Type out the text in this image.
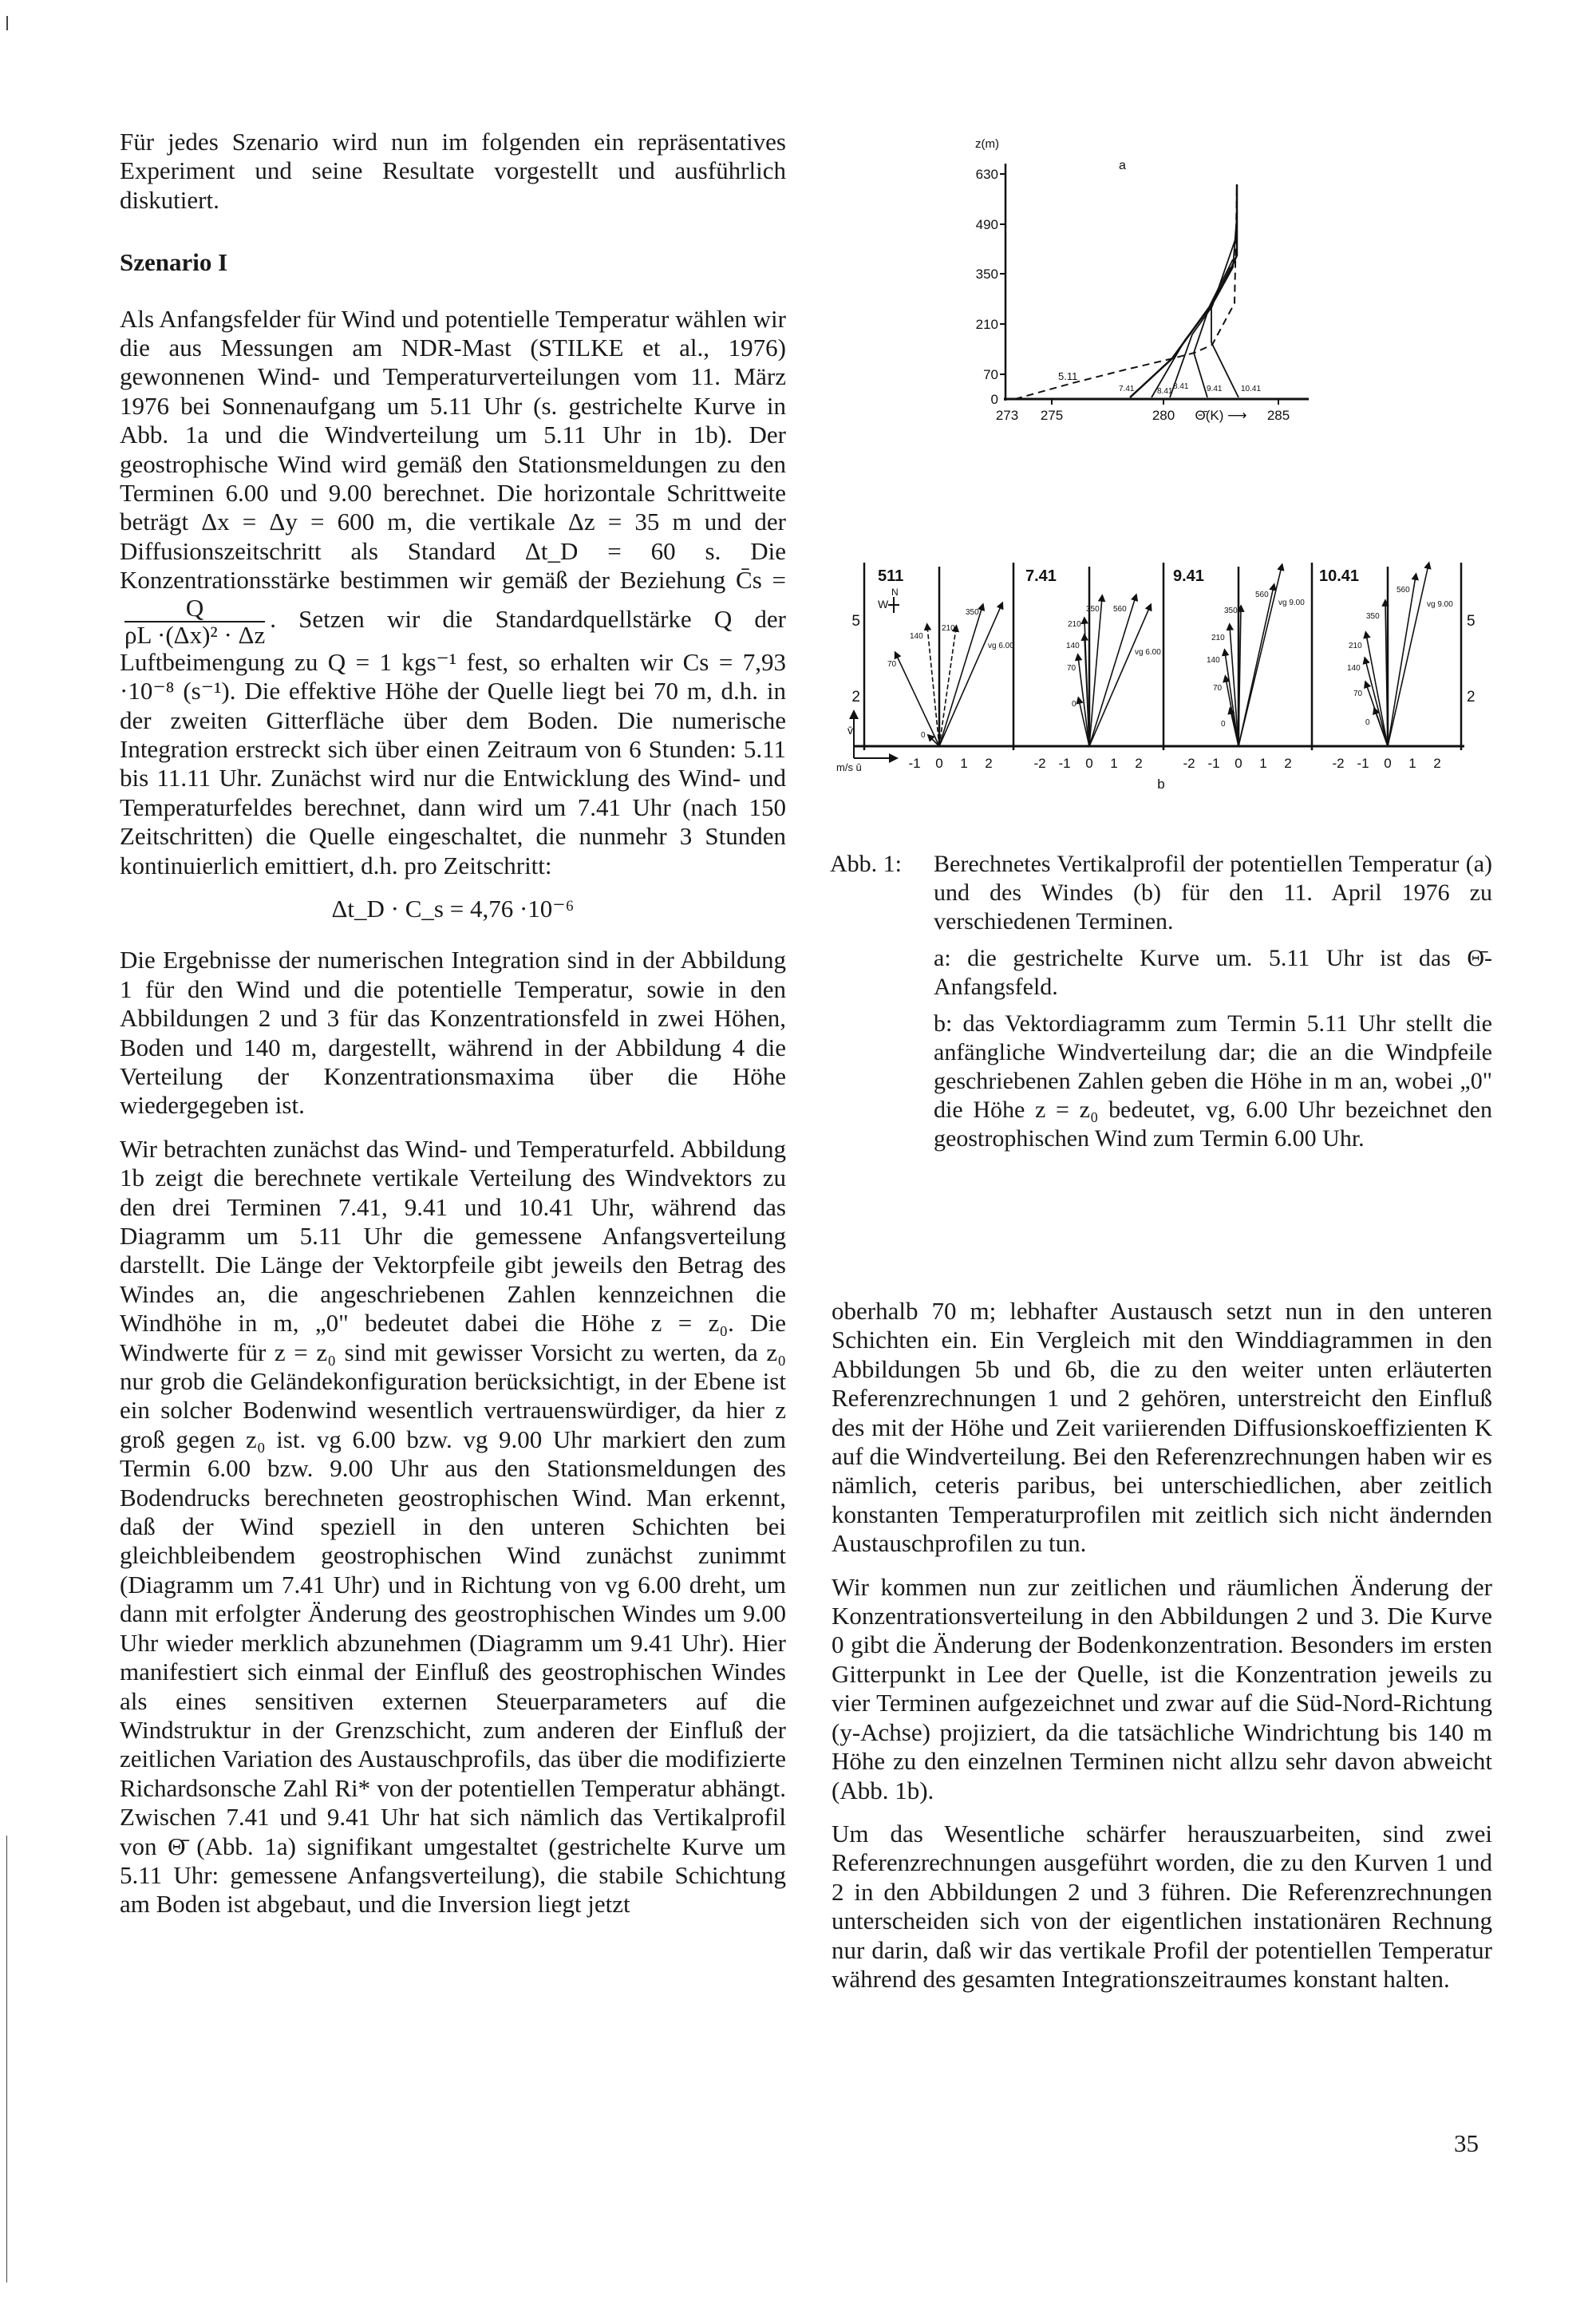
Für jedes Szenario wird nun im folgenden ein repräsentatives Experiment und seine Resultate vorgestellt und ausführlich diskutiert.

Szenario I

Als Anfangsfelder für Wind und potentielle Temperatur wählen wir die aus Messungen am NDR-Mast (STILKE et al., 1976) gewonnenen Wind- und Temperaturverteilungen vom 11. März 1976 bei Sonnenaufgang um 5.11 Uhr (s. gestrichelte Kurve in Abb. 1a und die Windverteilung um 5.11 Uhr in 1b). Der geostrophische Wind wird gemäß den Stationsmeldungen zu den Terminen 6.00 und 9.00 berechnet. Die horizontale Schrittweite beträgt Δx = Δy = 600 m, die vertikale Δz = 35 m und der Diffusionszeitschritt als Standard Δt_D = 60 s. Die Konzentrationsstärke bestimmen wir gemäß der Beziehung C̄s =
$\frac{Q}{\text{ρL ·(Δx)² · Δz}}$ . Setzen wir die Standardquellstärke Q der Luftbeimengung zu Q = 1 kgs⁻¹ fest, so erhalten wir Cs = 7,93 ·10⁻⁸ (s⁻¹). Die effektive Höhe der Quelle liegt bei 70 m, d.h. in der zweiten Gitterfläche über dem Boden. Die numerische Integration erstreckt sich über einen Zeitraum von 6 Stunden: 5.11 bis 11.11 Uhr. Zunächst wird nur die Entwicklung des Wind- und Temperaturfeldes berechnet, dann wird um 7.41 Uhr (nach 150 Zeitschritten) die Quelle eingeschaltet, die nunmehr 3 Stunden kontinuierlich emittiert, d.h. pro Zeitschritt:

Δt_D · C_s = 4,76 ·10⁻⁶

Die Ergebnisse der numerischen Integration sind in der Abbildung 1 für den Wind und die potentielle Temperatur, sowie in den Abbildungen 2 und 3 für das Konzentrationsfeld in zwei Höhen, Boden und 140 m, dargestellt, während in der Abbildung 4 die Verteilung der Konzentrationsmaxima über die Höhe wiedergegeben ist.

Wir betrachten zunächst das Wind- und Temperaturfeld. Abbildung 1b zeigt die berechnete vertikale Verteilung des Windvektors zu den drei Terminen 7.41, 9.41 und 10.41 Uhr, während das Diagramm um 5.11 Uhr die gemessene Anfangsverteilung darstellt. Die Länge der Vektorpfeile gibt jeweils den Betrag des Windes an, die angeschriebenen Zahlen kennzeichnen die Windhöhe in m, „0" bedeutet dabei die Höhe z = z₀. Die Windwerte für z = z₀ sind mit gewisser Vorsicht zu werten, da z₀ nur grob die Geländekonfiguration berücksichtigt, in der Ebene ist ein solcher Bodenwind wesentlich vertrauenswürdiger, da hier z groß gegen z₀ ist. vg 6.00 bzw. vg 9.00 Uhr markiert den zum Termin 6.00 bzw. 9.00 Uhr aus den Stationsmeldungen des Bodendrucks berechneten geostrophischen Wind. Man erkennt, daß der Wind speziell in den unteren Schichten bei gleichbleibendem geostrophischen Wind zunächst zunimmt (Diagramm um 7.41 Uhr) und in Richtung von vg 6.00 dreht, um dann mit erfolgter Änderung des geostrophischen Windes um 9.00 Uhr wieder merklich abzunehmen (Diagramm um 9.41 Uhr). Hier manifestiert sich einmal der Einfluß des geostrophischen Windes als eines sensitiven externen Steuerparameters auf die Windstruktur in der Grenzschicht, zum anderen der Einfluß der zeitlichen Variation des Austauschprofils, das über die modifizierte Richardsonsche Zahl Ri* von der potentiellen Temperatur abhängt. Zwischen 7.41 und 9.41 Uhr hat sich nämlich das Vertikalprofil von Θ̄ (Abb. 1a) signifikant umgestaltet (gestrichelte Kurve um 5.11 Uhr: gemessene Anfangsverteilung), die stabile Schichtung am Boden ist abgebaut, und die Inversion liegt jetzt

oberhalb 70 m; lebhafter Austausch setzt nun in den unteren Schichten ein. Ein Vergleich mit den Winddiagrammen in den Abbildungen 5b und 6b, die zu den weiter unten erläuterten Referenzrechnungen 1 und 2 gehören, unterstreicht den Einfluß des mit der Höhe und Zeit variierenden Diffusionskoeffizienten K auf die Windverteilung. Bei den Referenzrechnungen haben wir es nämlich, ceteris paribus, bei unterschiedlichen, aber zeitlich konstanten Temperaturprofilen mit zeitlich sich nicht ändernden Austauschprofilen zu tun.

Wir kommen nun zur zeitlichen und räumlichen Änderung der Konzentrationsverteilung in den Abbildungen 2 und 3. Die Kurve 0 gibt die Änderung der Bodenkonzentration. Besonders im ersten Gitterpunkt in Lee der Quelle, ist die Konzentration jeweils zu vier Terminen aufgezeichnet und zwar auf die Süd-Nord-Richtung (y-Achse) projiziert, da die tatsächliche Windrichtung bis 140 m Höhe zu den einzelnen Terminen nicht allzu sehr davon abweicht (Abb. 1b).

Um das Wesentliche schärfer herauszuarbeiten, sind zwei Referenzrechnungen ausgeführt worden, die zu den Kurven 1 und 2 in den Abbildungen 2 und 3 führen. Die Referenzrechnungen unterscheiden sich von der eigentlichen instationären Rechnung nur darin, daß wir das vertikale Profil der potentiellen Temperatur während des gesamten Integrationszeitraumes konstant halten.

z(m)
a
630
490
350
210
70
0
273 275	280	285
Θ̄(K) ⟶
5.11
7.41	8.41
8.41 9.41 10.41
5
2
5
2
511	7.41	9.41	10.41
N
W
v̄
m/s ū	-1 0 1 2	-2 -1 0 1 2	-2 -1 0 1 2	-2 -1 0 1 2
b
0
70
140
210
350
vg 6.00
0
70
140
210
350 560
vg 6.00
0
70
140
210
350
560
vg 9.00
0
70
140
210
350
560
vg 9.00
Abb. 1: Berechnetes Vertikalprofil der potentiellen Temperatur (a) und des Windes (b) für den 11. April 1976 zu verschiedenen Terminen.

a: die gestrichelte Kurve um. 5.11 Uhr ist das Θ̄-Anfangsfeld.

b: das Vektordiagramm zum Termin 5.11 Uhr stellt die anfängliche Windverteilung dar; die an die Windpfeile geschriebenen Zahlen geben die Höhe in m an, wobei „0" die Höhe z = z₀ bedeutet, vg, 6.00 Uhr bezeichnet den geostrophischen Wind zum Termin 6.00 Uhr.

35
